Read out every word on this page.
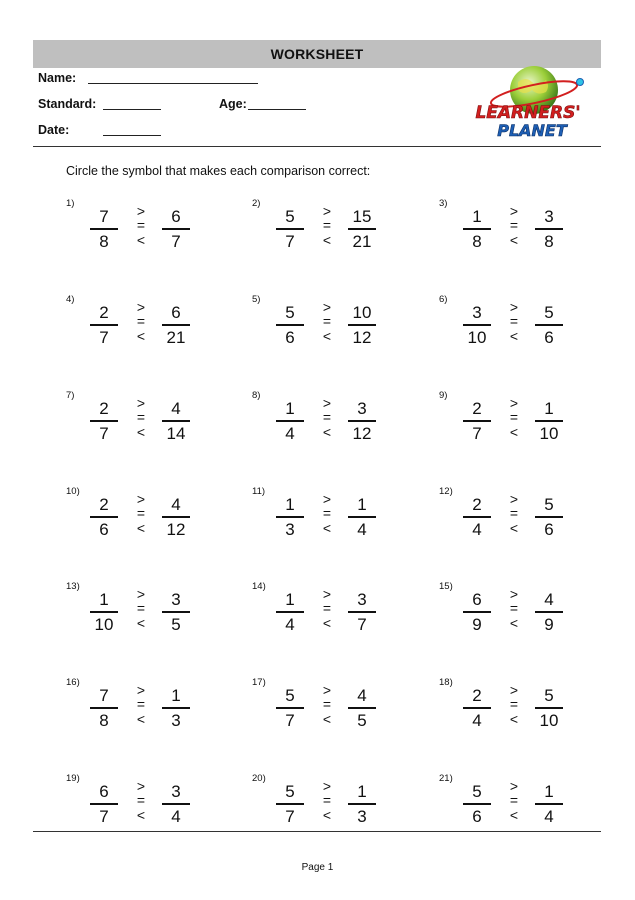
WORKSHEET
Name:
Standard:	Age:
Date:
LEARNERS'
PLANET
Circle the symbol that makes each comparison correct:
1)
7
8
>
=
<
6
7
2)
5
7
>
=
<
15
21
3)
1
8
>
=
<
3
8
4)
2
7
>
=
<
6
21
5)
5
6
>
=
<
10
12
6)
3
10
>
=
<
5
6
7)
2
7
>
=
<
4
14
8)
1
4
>
=
<
3
12
9)
2
7
>
=
<
1
10
10)
2
6
>
=
<
4
12
11)
1
3
>
=
<
1
4
12)
2
4
>
=
<
5
6
13)
1
10
>
=
<
3
5
14)
1
4
>
=
<
3
7
15)
6
9
>
=
<
4
9
16)
7
8
>
=
<
1
3
17)
5
7
>
=
<
4
5
18)
2
4
>
=
<
5
10
19)
6
7
>
=
<
3
4
20)
5
7
>
=
<
1
3
21)
5
6
>
=
<
1
4
Page 1
